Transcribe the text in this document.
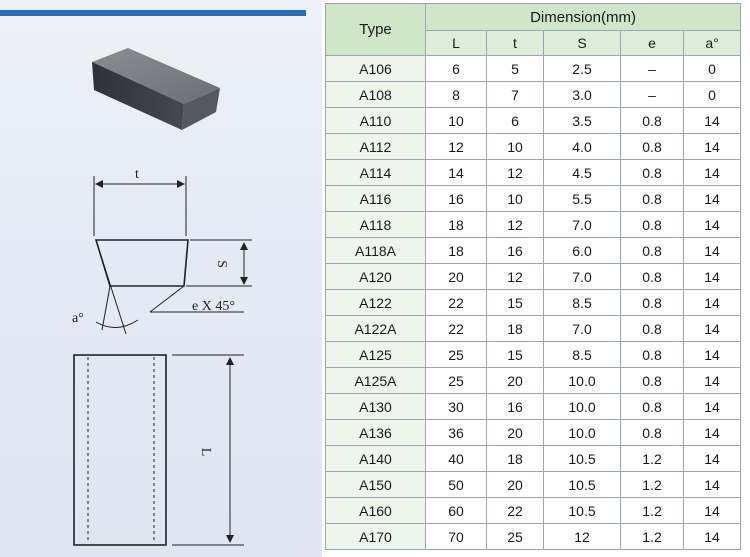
t
S
a°
e X 45°
L
Type	Dimension(mm)				
	L	t	S	e	a°
A106	6	5	2.5	–	0
A108	8	7	3.0	–	0
A110	10	6	3.5	0.8	14
A112	12	10	4.0	0.8	14
A114	14	12	4.5	0.8	14
A116	16	10	5.5	0.8	14
A118	18	12	7.0	0.8	14
A118A	18	16	6.0	0.8	14
A120	20	12	7.0	0.8	14
A122	22	15	8.5	0.8	14
A122A	22	18	7.0	0.8	14
A125	25	15	8.5	0.8	14
A125A	25	20	10.0	0.8	14
A130	30	16	10.0	0.8	14
A136	36	20	10.0	0.8	14
A140	40	18	10.5	1.2	14
A150	50	20	10.5	1.2	14
A160	60	22	10.5	1.2	14
A170	70	25	12	1.2	14
